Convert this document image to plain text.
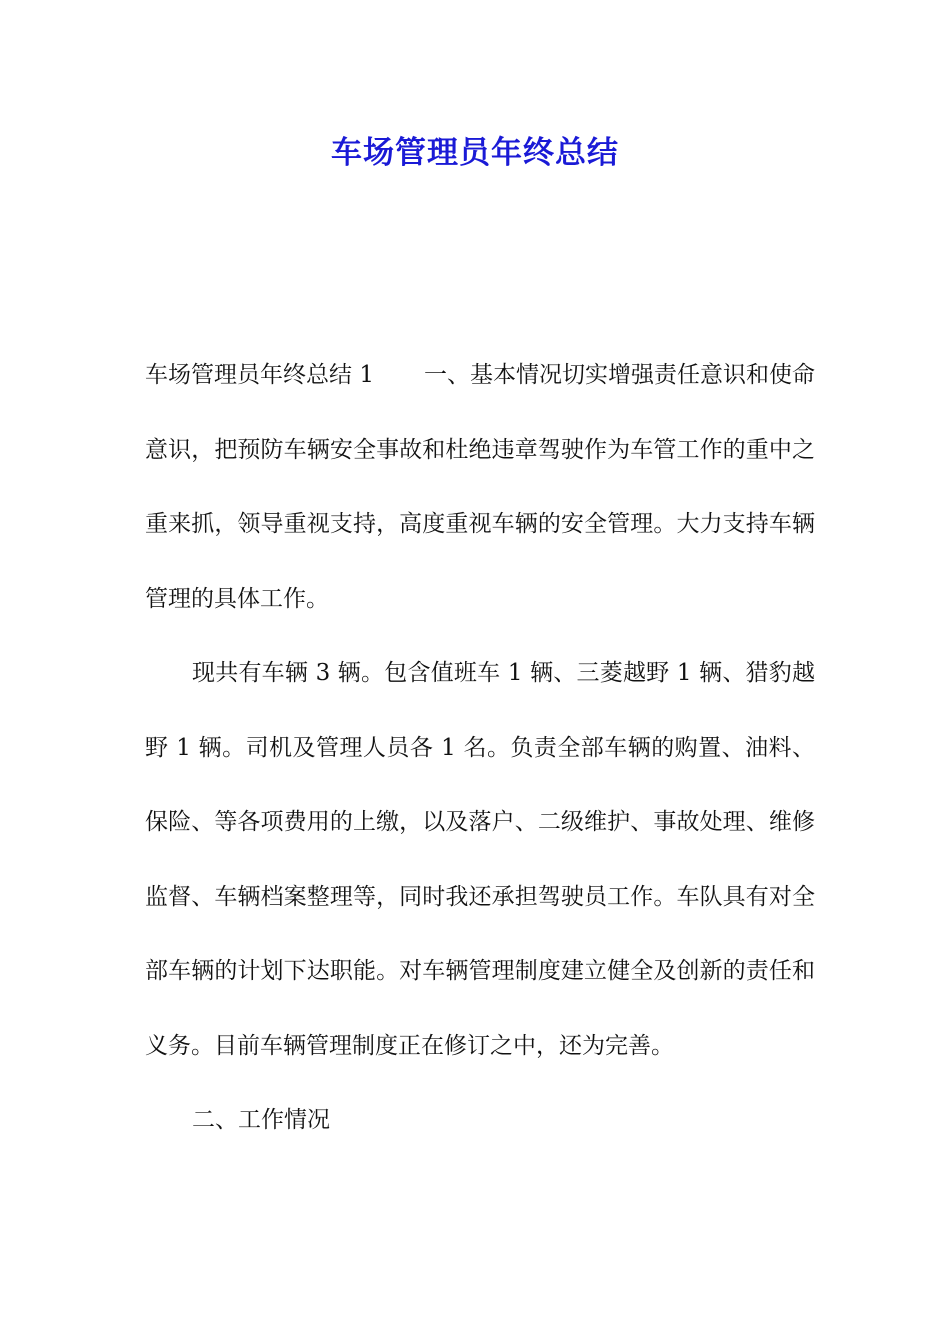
车场管理员年终总结

车场管理员年终总结 1 一、基本情况切实增强责任意识和使命意识，把预防车辆安全事故和杜绝违章驾驶作为车管工作的重中之重来抓，领导重视支持，高度重视车辆的安全管理。大力支持车辆管理的具体工作。

现共有车辆 3 辆。包含值班车 1 辆、三菱越野 1 辆、猎豹越野 1 辆。司机及管理人员各 1 名。负责全部车辆的购置、油料、保险、等各项费用的上缴，以及落户、二级维护、事故处理、维修监督、车辆档案整理等，同时我还承担驾驶员工作。车队具有对全部车辆的计划下达职能。对车辆管理制度建立健全及创新的责任和义务。目前车辆管理制度正在修订之中，还为完善。

二、工作情况
